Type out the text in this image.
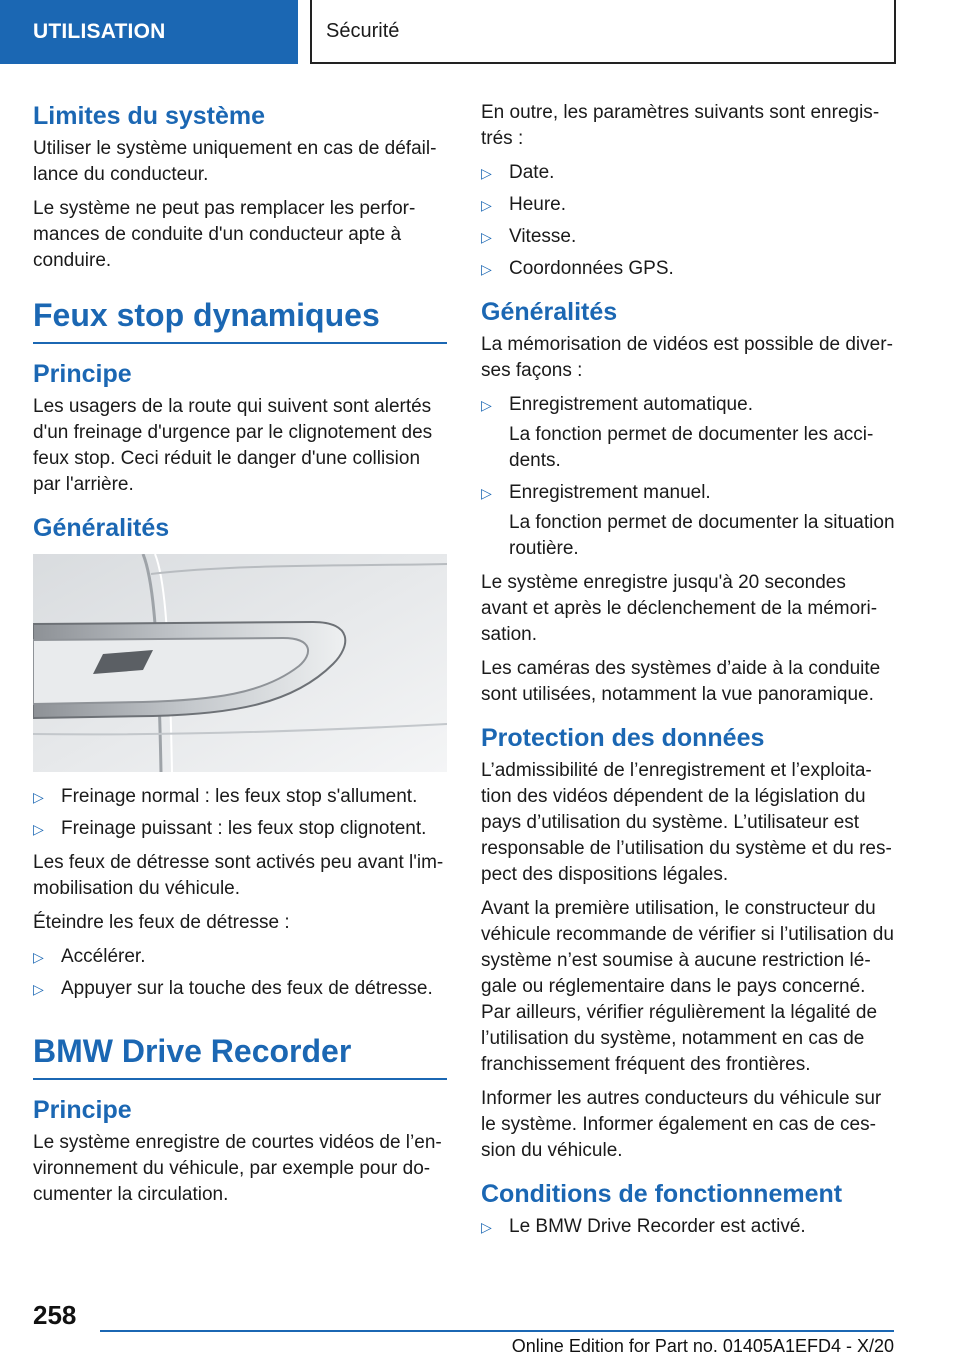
UTILISATION	Sécurité
Limites du système

Utiliser le système uniquement en cas de défaillance du conducteur.

Le système ne peut pas remplacer les performances de conduite d'un conducteur apte à conduire.

Feux stop dynamiques
Principe

Les usagers de la route qui suivent sont alertés d'un freinage d'urgence par le clignotement des feux stop. Ceci réduit le danger d'une collision par l'arrière.

Généralités
▷ Freinage normal : les feux stop s'allument.
▷ Freinage puissant : les feux stop clignotent.

Les feux de détresse sont activés peu avant l'immobilisation du véhicule.

Éteindre les feux de détresse :

▷ Accélérer.
▷ Appuyer sur la touche des feux de détresse.
BMW Drive Recorder
Principe

Le système enregistre de courtes vidéos de l’environnement du véhicule, par exemple pour documenter la circulation.

En outre, les paramètres suivants sont enregistrés :

▷ Date.
▷ Heure.
▷ Vitesse.
▷ Coordonnées GPS.
Généralités

La mémorisation de vidéos est possible de diverses façons :

▷ Enregistrement automatique.
La fonction permet de documenter les accidents.
▷ Enregistrement manuel.
La fonction permet de documenter la situation routière.

Le système enregistre jusqu'à 20 secondes avant et après le déclenchement de la mémorisation.

Les caméras des systèmes d’aide à la conduite sont utilisées, notamment la vue panoramique.

Protection des données

L’admissibilité de l’enregistrement et l’exploitation des vidéos dépendent de la législation du pays d’utilisation du système. L’utilisateur est responsable de l’utilisation du système et du respect des dispositions légales.

Avant la première utilisation, le constructeur du véhicule recommande de vérifier si l’utilisation du système n’est soumise à aucune restriction légale ou réglementaire dans le pays concerné. Par ailleurs, vérifier régulièrement la légalité de l’utilisation du système, notamment en cas de franchissement fréquent des frontières.

Informer les autres conducteurs du véhicule sur le système. Informer également en cas de cession du véhicule.

Conditions de fonctionnement
▷ Le BMW Drive Recorder est activé.
258
Online Edition for Part no. 01405A1EFD4 - X/20
